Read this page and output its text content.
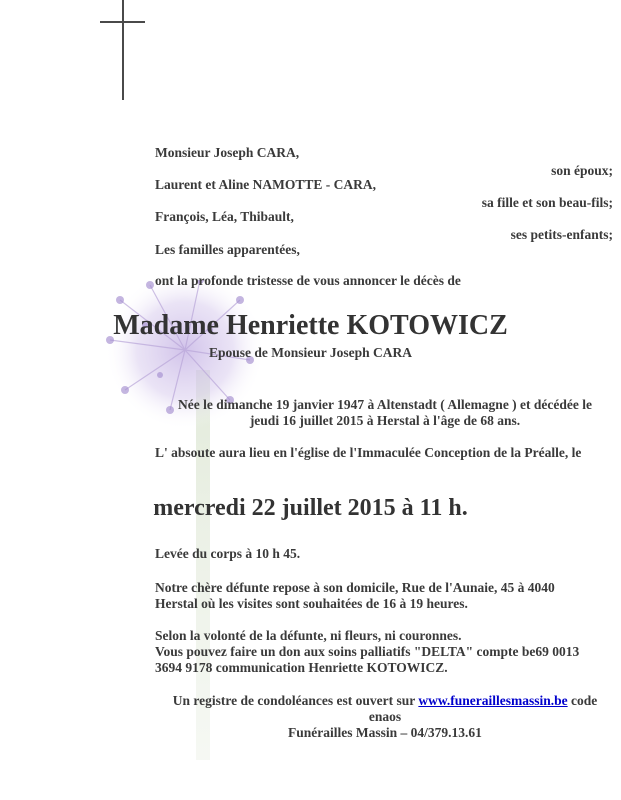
Monsieur Joseph CARA,
son époux;
Laurent et Aline NAMOTTE - CARA,
sa fille et son beau-fils;
François, Léa, Thibault,
ses petits-enfants;
Les familles apparentées,
ont la profonde tristesse de vous annoncer le décès de
Madame Henriette KOTOWICZ
Epouse de Monsieur Joseph CARA
Née le dimanche 19 janvier 1947 à Altenstadt ( Allemagne ) et décédée le
jeudi 16 juillet 2015 à Herstal à l'âge de 68 ans.
L' absoute aura lieu en l'église de l'Immaculée Conception de la Préalle, le
mercredi 22 juillet 2015 à 11 h.
Levée du corps à 10 h 45.
Notre chère défunte repose à son domicile, Rue de l'Aunaie, 45 à 4040
Herstal où les visites sont souhaitées de 16 à 19 heures.
Selon la volonté de la défunte, ni fleurs, ni couronnes.
Vous pouvez faire un don aux soins palliatifs "DELTA" compte be69 0013
3694 9178 communication Henriette KOTOWICZ.
Un registre de condoléances est ouvert sur www.funeraillesmassin.be code
enaos
Funérailles Massin – 04/379.13.61
